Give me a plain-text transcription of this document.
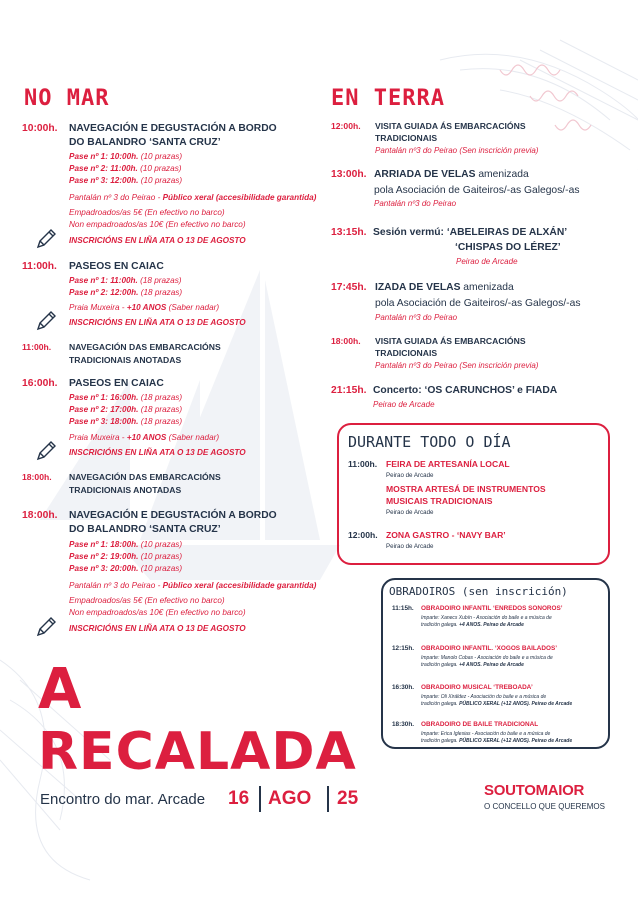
NO MAR
10:00h. NAVEGACIÓN E DEGUSTACIÓN A BORDO
DO BALANDRO ‘SANTA CRUZ’
Pase nº 1: 10:00h. (10 prazas)
Pase nº 2: 11:00h. (10 prazas)
Pase nº 3: 12:00h. (10 prazas)
Pantalán nº 3 do Peirao - Público xeral (accesibilidade garantida)
Empadroados/as 5€ (En efectivo no barco)
Non empadroados/as 10€ (En efectivo no barco)
INSCRICIÓNS EN LIÑA ATA O 13 DE AGOSTO
11:00h. PASEOS EN CAIAC
Pase nº 1: 11:00h. (18 prazas)
Pase nº 2: 12:00h. (18 prazas)
Praia Muxeira - +10 ANOS (Saber nadar)
INSCRICIÓNS EN LIÑA ATA O 13 DE AGOSTO
11:00h. NAVEGACIÓN DAS EMBARCACIÓNS
TRADICIONAIS ANOTADAS
16:00h. PASEOS EN CAIAC
Pase nº 1: 16:00h. (18 prazas)
Pase nº 2: 17:00h. (18 prazas)
Pase nº 3: 18:00h. (18 prazas)
Praia Muxeira - +10 ANOS (Saber nadar)
INSCRICIÓNS EN LIÑA ATA O 13 DE AGOSTO
18:00h. NAVEGACIÓN DAS EMBARCACIÓNS
TRADICIONAIS ANOTADAS
18:00h. NAVEGACIÓN E DEGUSTACIÓN A BORDO
DO BALANDRO ‘SANTA CRUZ’
Pase nº 1: 18:00h. (10 prazas)
Pase nº 2: 19:00h. (10 prazas)
Pase nº 3: 20:00h. (10 prazas)
Pantalán nº 3 do Peirao - Público xeral (accesibilidade garantida)
Empadroados/as 5€ (En efectivo no barco)
Non empadroados/as 10€ (En efectivo no barco)
INSCRICIÓNS EN LIÑA ATA O 13 DE AGOSTO
EN TERRA
12:00h. VISITA GUIADA ÁS EMBARCACIÓNS
TRADICIONAIS
Pantalán nº3 do Peirao (Sen inscrición previa)
13:00h. ARRIADA DE VELAS amenizada
pola Asociación de Gaiteiros/-as Galegos/-as
Pantalán nº3 do Peirao
13:15h. Sesión vermú: ‘ABELEIRAS DE ALXÁN’
‘CHISPAS DO LÉREZ’
Peirao de Arcade
17:45h. IZADA DE VELAS amenizada
pola Asociación de Gaiteiros/-as Galegos/-as
Pantalán nº3 do Peirao
18:00h. VISITA GUIADA ÁS EMBARCACIÓNS
TRADICIONAIS
Pantalán nº3 do Peirao (Sen inscrición previa)
21:15h. Concerto: ‘OS CARUNCHOS’ e FIADA
Peirao de Arcade
DURANTE TODO O DÍA
11:00h. FEIRA DE ARTESANÍA LOCAL
Peirao de Arcade
MOSTRA ARTESÁ DE INSTRUMENTOS
MUSICAIS TRADICIONAIS
Peirao de Arcade
12:00h. ZONA GASTRO - ‘NAVY BAR’
Peirao de Arcade
OBRADOIROS (sen inscrición)
11:15h. OBRADOIRO INFANTIL ‘ENREDOS SONOROS’
Imparte: Xanecs Xubín - Asociación do baile e a música de
tradición galega. +4 ANOS. Peirao de Arcade
12:15h. OBRADOIRO INFANTIL. ‘XOGOS BAILADOS’
Imparte: Manolo Cobas - Asociación do baile e a música de
tradición galega. +4 ANOS. Peirao de Arcade
16:30h. OBRADOIRO MUSICAL ‘TREBOADA’
Imparte: Oli Xiráldez - Asociación do baile e a música de
tradición galega. PÚBLICO XERAL (+12 ANOS). Peirao de Arcade
18:30h. OBRADOIRO DE BAILE TRADICIONAL
Imparte: Erica Iglesias - Asociación do baile e a música de
tradición galega. PÚBLICO XERAL (+12 ANOS). Peirao de Arcade
A
RECALADA
Encontro do mar. Arcade 16 AGO 25	SOUTOMAIOR
O CONCELLO QUE QUEREMOS
